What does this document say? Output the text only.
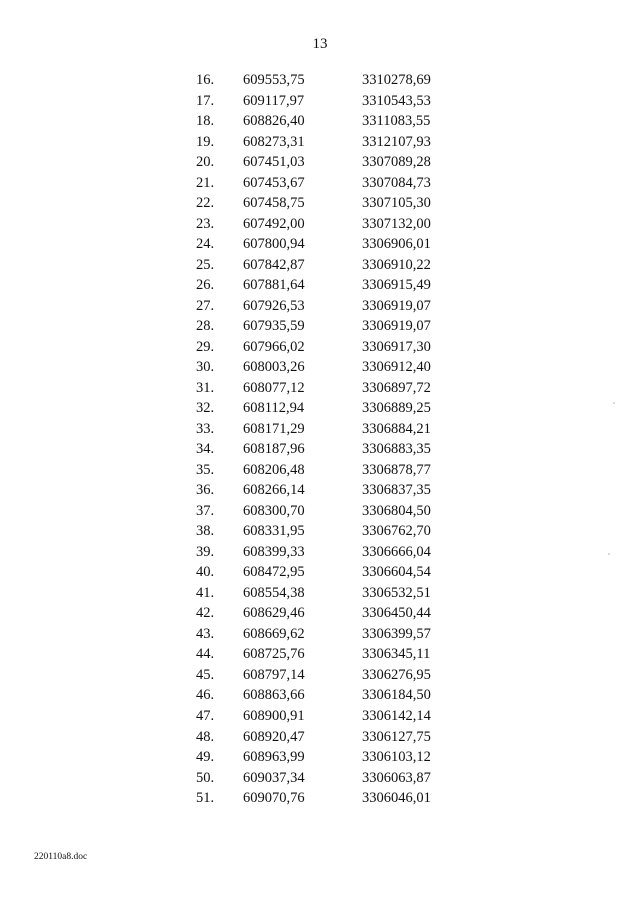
13
16.	609553,75	3310278,69
17.	609117,97	3310543,53
18.	608826,40	3311083,55
19.	608273,31	3312107,93
20.	607451,03	3307089,28
21.	607453,67	3307084,73
22.	607458,75	3307105,30
23.	607492,00	3307132,00
24.	607800,94	3306906,01
25.	607842,87	3306910,22
26.	607881,64	3306915,49
27.	607926,53	3306919,07
28.	607935,59	3306919,07
29.	607966,02	3306917,30
30.	608003,26	3306912,40
31.	608077,12	3306897,72
32.	608112,94	3306889,25
33.	608171,29	3306884,21
34.	608187,96	3306883,35
35.	608206,48	3306878,77
36.	608266,14	3306837,35
37.	608300,70	3306804,50
38.	608331,95	3306762,70
39.	608399,33	3306666,04
40.	608472,95	3306604,54
41.	608554,38	3306532,51
42.	608629,46	3306450,44
43.	608669,62	3306399,57
44.	608725,76	3306345,11
45.	608797,14	3306276,95
46.	608863,66	3306184,50
47.	608900,91	3306142,14
48.	608920,47	3306127,75
49.	608963,99	3306103,12
50.	609037,34	3306063,87
51.	609070,76	3306046,01
220110a8.doc
